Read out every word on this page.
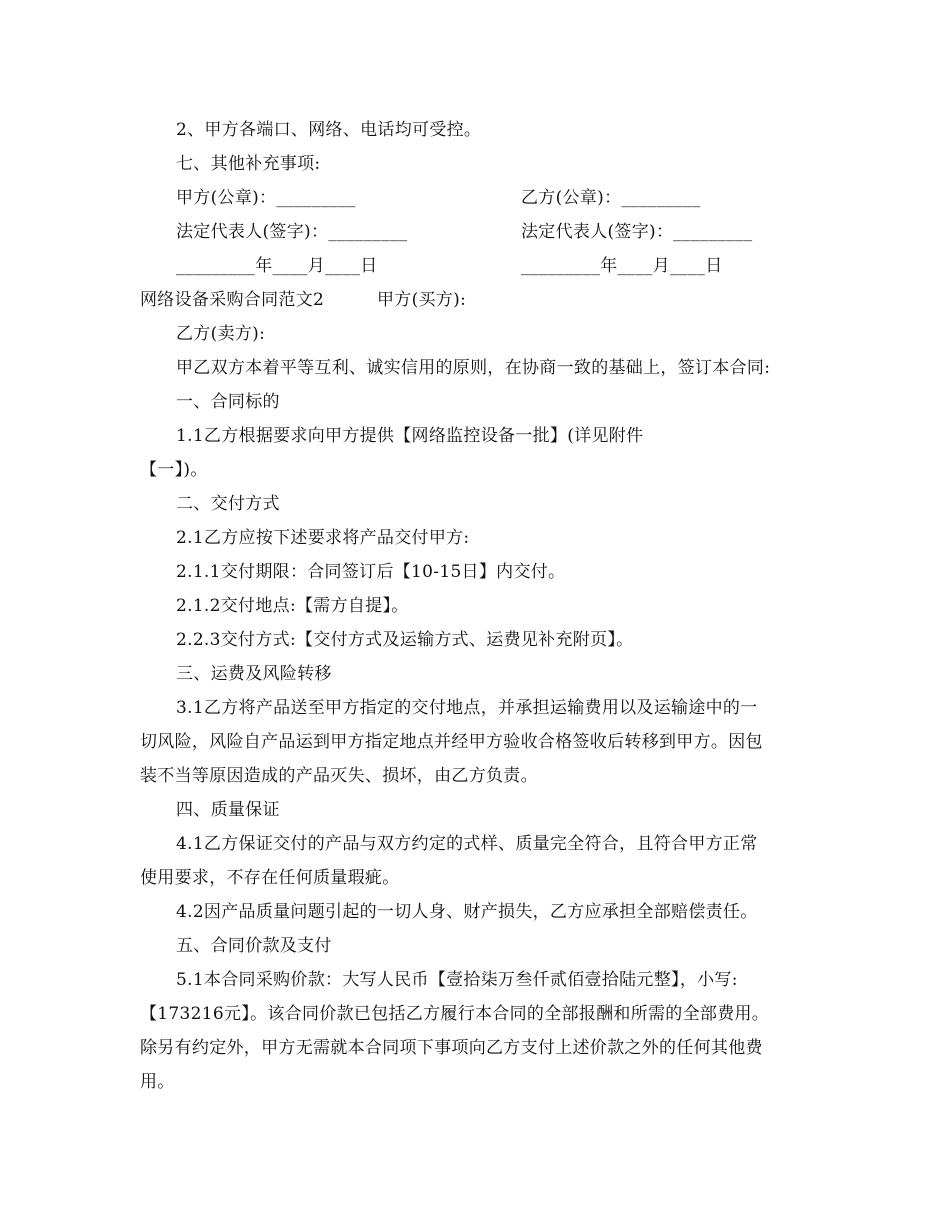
2、甲方各端口、网络、电话均可受控。
七、其他补充事项:
甲方(公章)：_________	乙方(公章)：_________
法定代表人(签字)：_________	法定代表人(签字)：_________
_________年____月____日	_________年____月____日
网络设备采购合同范文2	甲方(买方):
乙方(卖方):
甲乙双方本着平等互利、诚实信用的原则，在协商一致的基础上，签订本合同:
一、合同标的
1.1乙方根据要求向甲方提供【网络监控设备一批】(详见附件
【一】)。
二、交付方式
2.1乙方应按下述要求将产品交付甲方:
2.1.1交付期限：合同签订后【10-15日】内交付。
2.1.2交付地点:【需方自提】。
2.2.3交付方式:【交付方式及运输方式、运费见补充附页】。
三、运费及风险转移
3.1乙方将产品送至甲方指定的交付地点，并承担运输费用以及运输途中的一
切风险，风险自产品运到甲方指定地点并经甲方验收合格签收后转移到甲方。因包
装不当等原因造成的产品灭失、损坏，由乙方负责。
四、质量保证
4.1乙方保证交付的产品与双方约定的式样、质量完全符合，且符合甲方正常
使用要求，不存在任何质量瑕疵。
4.2因产品质量问题引起的一切人身、财产损失，乙方应承担全部赔偿责任。
五、合同价款及支付
5.1本合同采购价款：大写人民币【壹拾柒万叁仟贰佰壹拾陆元整】，小写:
【173216元】。该合同价款已包括乙方履行本合同的全部报酬和所需的全部费用。
除另有约定外，甲方无需就本合同项下事项向乙方支付上述价款之外的任何其他费
用。
